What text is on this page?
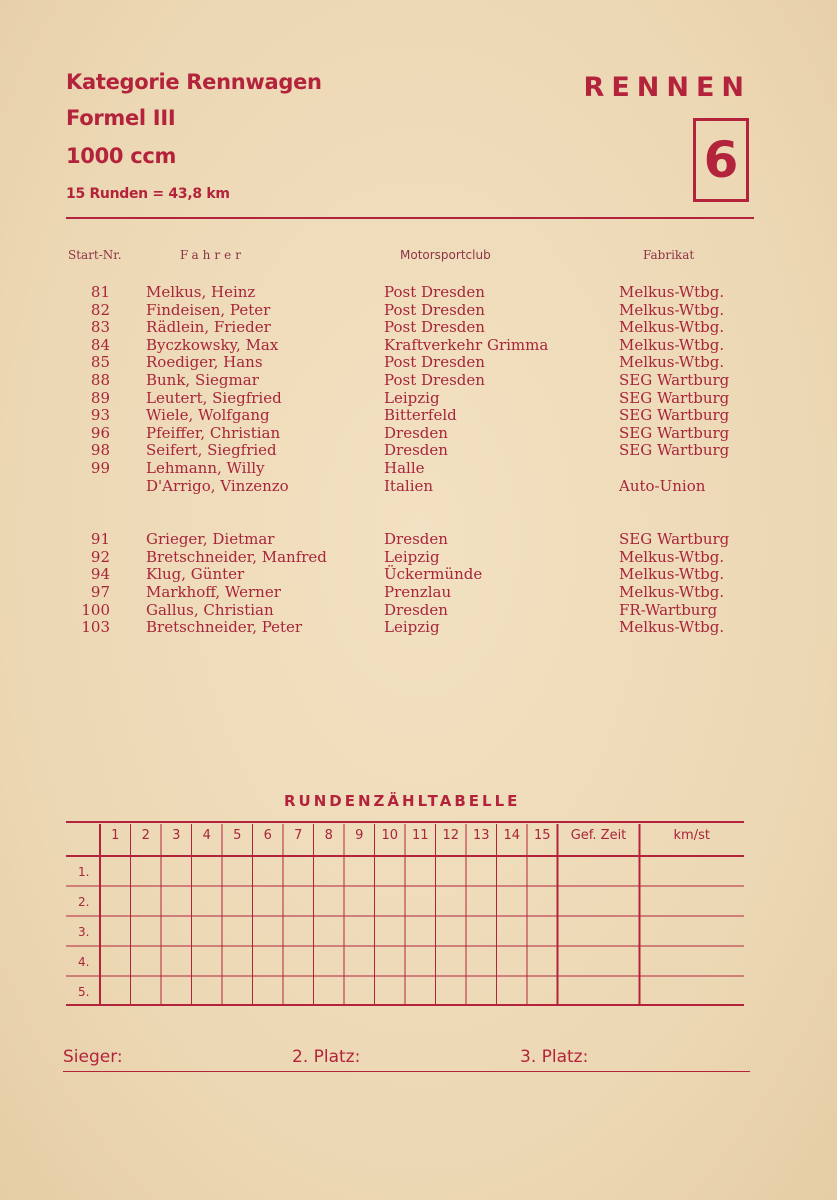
Kategorie Rennwagen
Formel III
1000 ccm
15 Runden = 43,8 km
RENNEN
6
Start-Nr.	Fahrer	Motorsportclub	Fabrikat
81 Melkus, Heinz	Post Dresden	Melkus-Wtbg.
82 Findeisen, Peter	Post Dresden	Melkus-Wtbg.
83 Rädlein, Frieder	Post Dresden	Melkus-Wtbg.
84 Byczkowsky, Max	Kraftverkehr Grimma	Melkus-Wtbg.
85 Roediger, Hans	Post Dresden	Melkus-Wtbg.
88 Bunk, Siegmar	Post Dresden	SEG Wartburg
89 Leutert, Siegfried	Leipzig	SEG Wartburg
93 Wiele, Wolfgang	Bitterfeld	SEG Wartburg
96 Pfeiffer, Christian	Dresden	SEG Wartburg
98 Seifert, Siegfried	Dresden	SEG Wartburg
99 Lehmann, Willy	Halle
D'Arrigo, Vinzenzo	Italien	Auto-Union
91 Grieger, Dietmar	Dresden	SEG Wartburg
92 Bretschneider, Manfred	Leipzig	Melkus-Wtbg.
94 Klug, Günter	Ückermünde	Melkus-Wtbg.
97 Markhoff, Werner	Prenzlau	Melkus-Wtbg.
100 Gallus, Christian	Dresden	FR-Wartburg
103 Bretschneider, Peter	Leipzig	Melkus-Wtbg.
RUNDENZÄHLTABELLE
1	2	3	4	5	6	7	8	9	10	11	12	13	14	15	Gef. Zeit	km/st
1.
2.
3.
4.
5.
Sieger:	2. Platz:	3. Platz:
